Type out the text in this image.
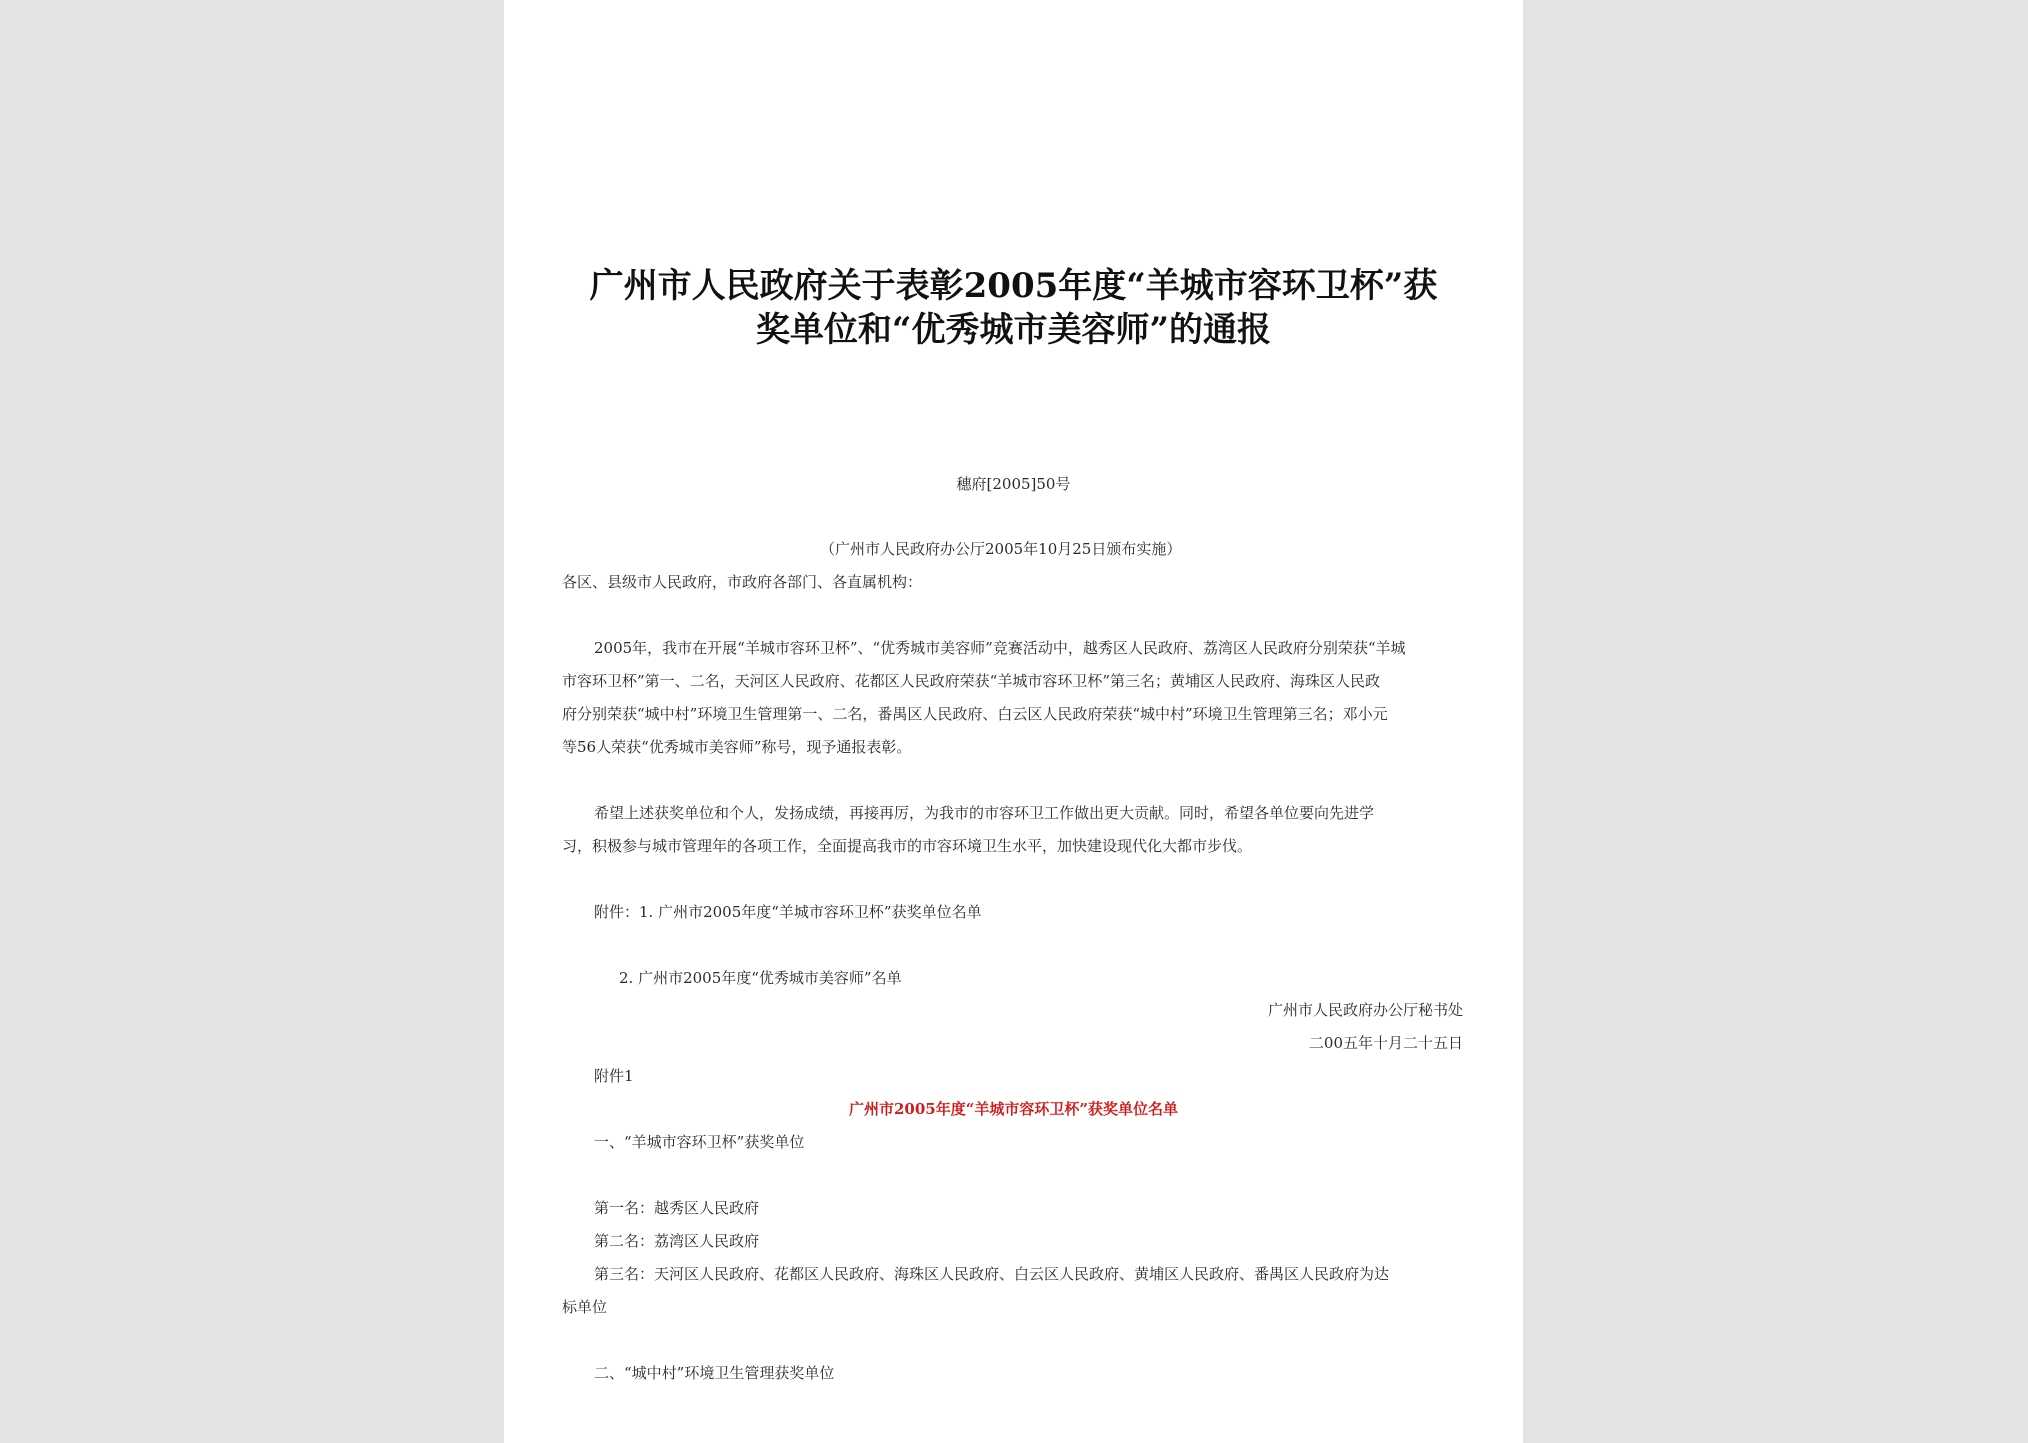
广州市人民政府关于表彰2005年度“羊城市容环卫杯”获
奖单位和“优秀城市美容师”的通报
穗府[2005]50号
（广州市人民政府办公厅2005年10月25日颁布实施）
各区、县级市人民政府，市政府各部门、各直属机构：
2005年，我市在开展“羊城市容环卫杯”、“优秀城市美容师”竞赛活动中，越秀区人民政府、荔湾区人民政府分别荣获“羊城
市容环卫杯”第一、二名，天河区人民政府、花都区人民政府荣获“羊城市容环卫杯”第三名；黄埔区人民政府、海珠区人民政
府分别荣获“城中村”环境卫生管理第一、二名，番禺区人民政府、白云区人民政府荣获“城中村”环境卫生管理第三名；邓小元
等56人荣获“优秀城市美容师”称号，现予通报表彰。
希望上述获奖单位和个人，发扬成绩，再接再厉，为我市的市容环卫工作做出更大贡献。同时，希望各单位要向先进学
习，积极参与城市管理年的各项工作，全面提高我市的市容环境卫生水平，加快建设现代化大都市步伐。
附件：1. 广州市2005年度“羊城市容环卫杯”获奖单位名单
2. 广州市2005年度“优秀城市美容师”名单
广州市人民政府办公厅秘书处
二00五年十月二十五日
附件1
广州市2005年度“羊城市容环卫杯”获奖单位名单
一、“羊城市容环卫杯”获奖单位
第一名：越秀区人民政府
第二名：荔湾区人民政府
第三名：天河区人民政府、花都区人民政府、海珠区人民政府、白云区人民政府、黄埔区人民政府、番禺区人民政府为达
标单位
二、“城中村”环境卫生管理获奖单位
